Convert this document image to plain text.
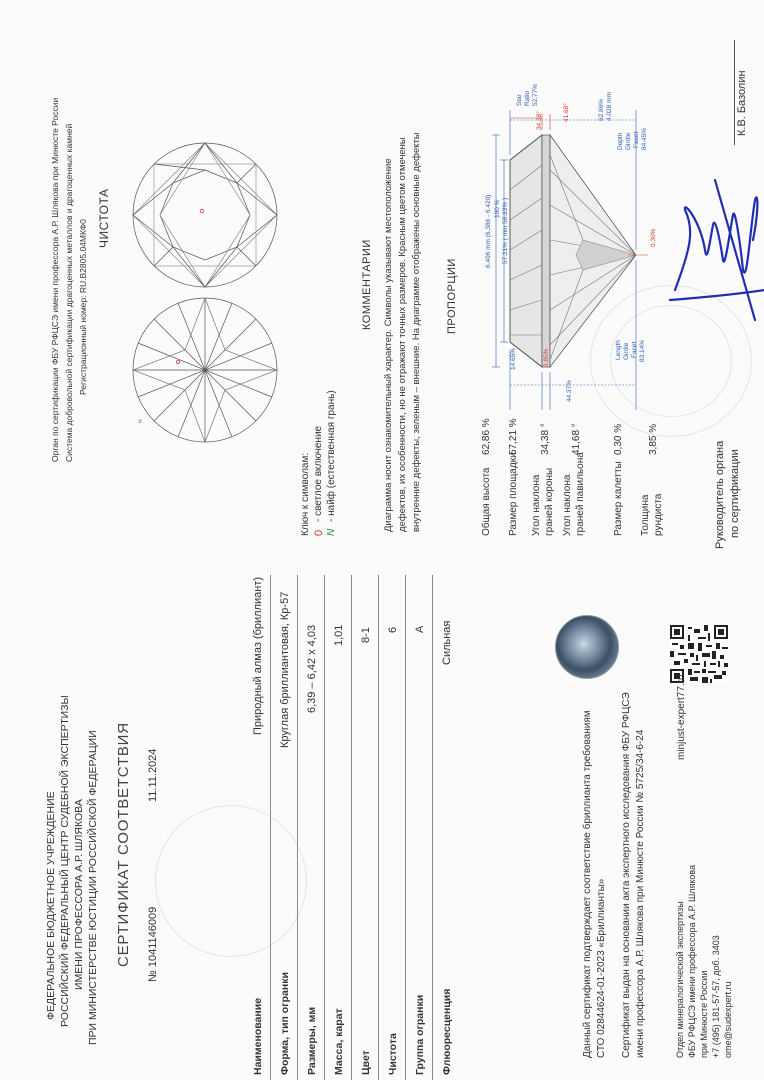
Орган по сертификации ФБУ РФЦСЭ имени профессора А.Р. Шлякова при Минюсте России Система добровольной сертификации драгоценных металлов и драгоценных камней Регистрационный номер: RU.В2805.04МКФ0
ЧИСТОТА
ᴺ
Ключ к символам: 0
- светлое включение
N
- найф (естественная грань)
КОММЕНТАРИИ Диаграмма носит ознакомительный характер. Символы указывают местоположение дефектов, их особенности, но не отражают точных размеров. Красным цветом отмечены внутренние дефекты, зеленым – внешние. На диаграмме отображены основные дефекты ПРОПОРЦИИ
Общая высота
62,86 %
Размер площадки
57,21 %
Угол наклона граней короны
34,38 °
Угол наклона граней павильона
41,68 °
Размер калетты
0,30 %
Толщина рундиста
3,85 %
6.406 mm (6.386 - 6.420) 100 % 57.21% ( min 56.93% )
14.65%	3.85%
44.37%
Length Girdle Facet 83.14%
0.30%
Star Ratio 52.77%
34.38°	41.68°	62.86% 4.028 mm
Depth Girdle Facet 84.45%
Руководитель органа по сертификации
К.В. Базолин
ФЕДЕРАЛЬНОЕ БЮДЖЕТНОЕ УЧРЕЖДЕНИЕ РОССИЙСКИЙ ФЕДЕРАЛЬНЫЙ ЦЕНТР СУДЕБНОЙ ЭКСПЕРТИЗЫ ИМЕНИ ПРОФЕССОРА А.Р. ШЛЯКОВА ПРИ МИНИСТЕРСТВЕ ЮСТИЦИИ РОССИЙСКОЙ ФЕДЕРАЦИИ СЕРТИФИКАТ СООТВЕТСТВИЯ № 1041146009
11.11.2024
Наименование
Природный алмаз (бриллиант)
Форма, тип огранки
Круглая бриллиантовая, Кр-57
Размеры, мм
6,39 – 6,42 х 4,03
Масса, карат
1,01
Цвет
8-1
Чистота
6
Группа огранки
А
Флюоресценция
Сильная
minjust-expert77.ru
Данный сертификат подтверждает соответствие бриллианта требованиям СТО 02844624-01-2023 «Бриллианты» Сертификат выдан на основании акта экспертного исследования ФБУ РФЦСЭ имени профессора А.Р. Шлякова при Минюсте России № 5725/34-6-24	Отдел минералогической экспертизы ФБУ РФЦСЭ имени профессора А.Р. Шлякова при Минюсте России +7 (495) 181-57-57, доб. 3403 ome@sudexpert.ru
